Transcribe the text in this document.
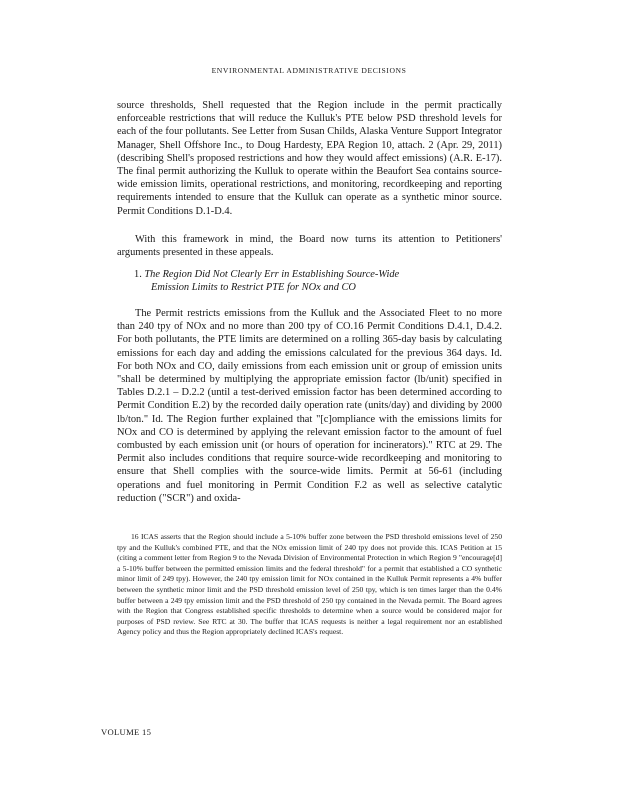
ENVIRONMENTAL ADMINISTRATIVE DECISIONS

source thresholds, Shell requested that the Region include in the permit practically enforceable restrictions that will reduce the Kulluk's PTE below PSD threshold levels for each of the four pollutants. See Letter from Susan Childs, Alaska Venture Support Integrator Manager, Shell Offshore Inc., to Doug Hardesty, EPA Region 10, attach. 2 (Apr. 29, 2011) (describing Shell's proposed restrictions and how they would affect emissions) (A.R. E-17). The final permit authorizing the Kulluk to operate within the Beaufort Sea contains source-wide emission limits, operational restrictions, and monitoring, recordkeeping and reporting requirements intended to ensure that the Kulluk can operate as a synthetic minor source. Permit Conditions D.1-D.4.

With this framework in mind, the Board now turns its attention to Petitioners' arguments presented in these appeals.

1. The Region Did Not Clearly Err in Establishing Source-Wide
Emission Limits to Restrict PTE for NOx and CO

The Permit restricts emissions from the Kulluk and the Associated Fleet to no more than 240 tpy of NOx and no more than 200 tpy of CO.16 Permit Conditions D.4.1, D.4.2. For both pollutants, the PTE limits are determined on a rolling 365-day basis by calculating emissions for each day and adding the emissions calculated for the previous 364 days. Id. For both NOx and CO, daily emissions from each emission unit or group of emission units "shall be determined by multiplying the appropriate emission factor (lb/unit) specified in Tables D.2.1 – D.2.2 (until a test-derived emission factor has been determined according to Permit Condition E.2) by the recorded daily operation rate (units/day) and dividing by 2000 lb/ton." Id. The Region further explained that "[c]ompliance with the emissions limits for NOx and CO is determined by applying the relevant emission factor to the amount of fuel combusted by each emission unit (or hours of operation for incinerators)." RTC at 29. The Permit also includes conditions that require source-wide recordkeeping and monitoring to ensure that Shell complies with the source-wide limits. Permit at 56-61 (including operations and fuel monitoring in Permit Condition F.2 as well as selective catalytic reduction ("SCR") and oxida-

16 ICAS asserts that the Region should include a 5-10% buffer zone between the PSD threshold emissions level of 250 tpy and the Kulluk's combined PTE, and that the NOx emission limit of 240 tpy does not provide this. ICAS Petition at 15 (citing a comment letter from Region 9 to the Nevada Division of Environmental Protection in which Region 9 "encourage[d] a 5-10% buffer between the permitted emission limits and the federal threshold" for a permit that established a CO synthetic minor limit of 249 tpy). However, the 240 tpy emission limit for NOx contained in the Kulluk Permit represents a 4% buffer between the synthetic minor limit and the PSD threshold emission level of 250 tpy, which is ten times larger than the 0.4% buffer between a 249 tpy emission limit and the PSD threshold of 250 tpy contained in the Nevada permit. The Board agrees with the Region that Congress established specific thresholds to determine when a source would be considered major for purposes of PSD review. See RTC at 30. The buffer that ICAS requests is neither a legal requirement nor an established Agency policy and thus the Region appropriately declined ICAS's request.

VOLUME 15
